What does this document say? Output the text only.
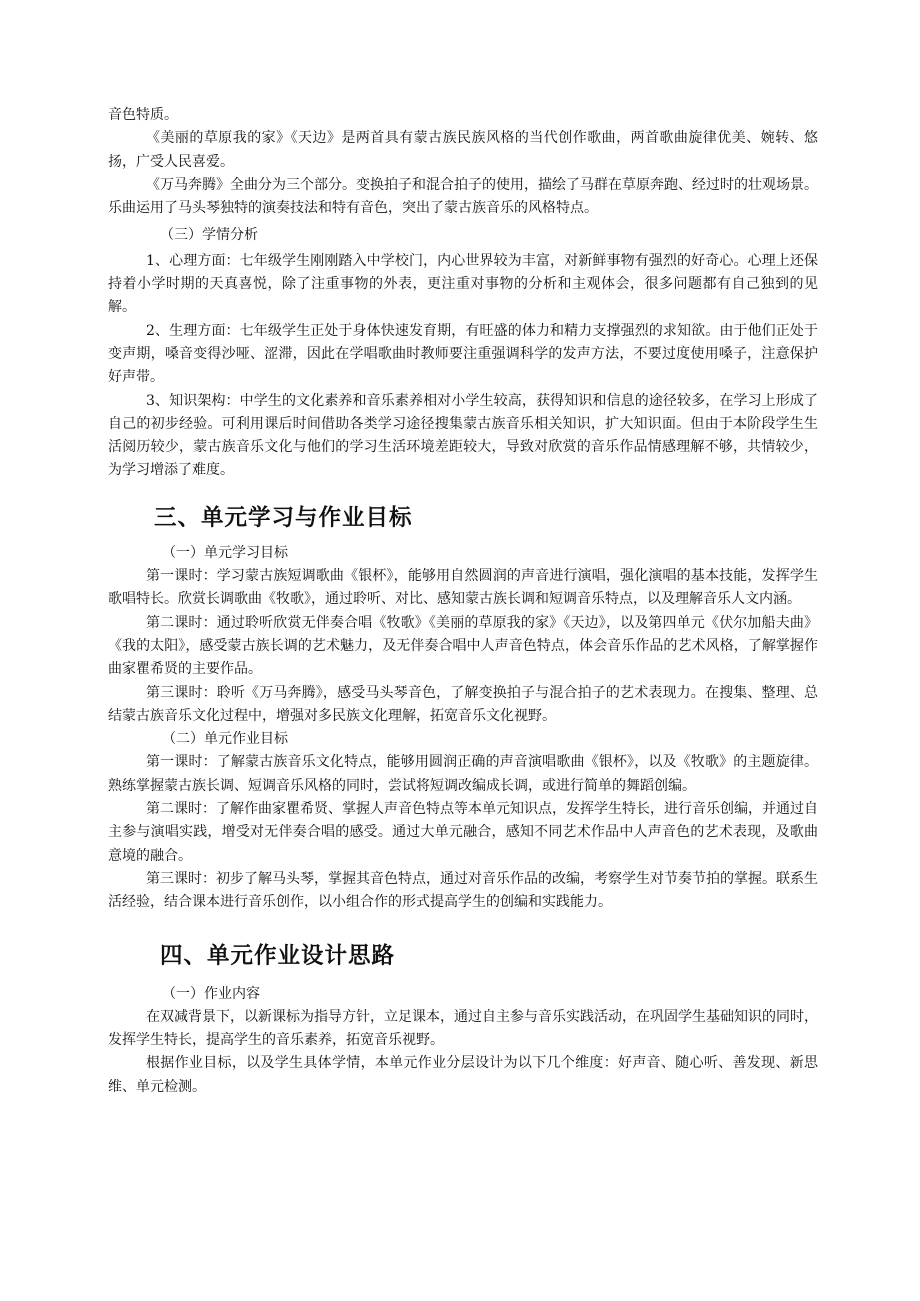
音色特质。

《美丽的草原我的家》《天边》是两首具有蒙古族民族风格的当代创作歌曲，两首歌曲旋律优美、婉转、悠扬，广受人民喜爱。

《万马奔腾》全曲分为三个部分。变换拍子和混合拍子的使用，描绘了马群在草原奔跑、经过时的壮观场景。乐曲运用了马头琴独特的演奏技法和特有音色，突出了蒙古族音乐的风格特点。

（三）学情分析

1、心理方面：七年级学生刚刚踏入中学校门，内心世界较为丰富，对新鲜事物有强烈的好奇心。心理上还保持着小学时期的天真喜悦，除了注重事物的外表，更注重对事物的分析和主观体会，很多问题都有自己独到的见解。

2、生理方面：七年级学生正处于身体快速发育期，有旺盛的体力和精力支撑强烈的求知欲。由于他们正处于变声期，嗓音变得沙哑、涩滞，因此在学唱歌曲时教师要注重强调科学的发声方法，不要过度使用嗓子，注意保护好声带。

3、知识架构：中学生的文化素养和音乐素养相对小学生较高，获得知识和信息的途径较多，在学习上形成了自己的初步经验。可利用课后时间借助各类学习途径搜集蒙古族音乐相关知识，扩大知识面。但由于本阶段学生生活阅历较少，蒙古族音乐文化与他们的学习生活环境差距较大，导致对欣赏的音乐作品情感理解不够，共情较少，为学习增添了难度。

三、单元学习与作业目标

（一）单元学习目标

第一课时：学习蒙古族短调歌曲《银杯》，能够用自然圆润的声音进行演唱，强化演唱的基本技能，发挥学生歌唱特长。欣赏长调歌曲《牧歌》，通过聆听、对比、感知蒙古族长调和短调音乐特点，以及理解音乐人文内涵。

第二课时：通过聆听欣赏无伴奏合唱《牧歌》《美丽的草原我的家》《天边》，以及第四单元《伏尔加船夫曲》《我的太阳》，感受蒙古族长调的艺术魅力，及无伴奏合唱中人声音色特点，体会音乐作品的艺术风格，了解掌握作曲家瞿希贤的主要作品。

第三课时：聆听《万马奔腾》，感受马头琴音色，了解变换拍子与混合拍子的艺术表现力。在搜集、整理、总结蒙古族音乐文化过程中，增强对多民族文化理解，拓宽音乐文化视野。

（二）单元作业目标

第一课时：了解蒙古族音乐文化特点，能够用圆润正确的声音演唱歌曲《银杯》，以及《牧歌》的主题旋律。熟练掌握蒙古族长调、短调音乐风格的同时，尝试将短调改编成长调，或进行简单的舞蹈创编。

第二课时：了解作曲家瞿希贤、掌握人声音色特点等本单元知识点，发挥学生特长，进行音乐创编，并通过自主参与演唱实践，增受对无伴奏合唱的感受。通过大单元融合，感知不同艺术作品中人声音色的艺术表现，及歌曲意境的融合。

第三课时：初步了解马头琴，掌握其音色特点，通过对音乐作品的改编，考察学生对节奏节拍的掌握。联系生活经验，结合课本进行音乐创作，以小组合作的形式提高学生的创编和实践能力。

四、单元作业设计思路

（一）作业内容

在双减背景下，以新课标为指导方针，立足课本，通过自主参与音乐实践活动，在巩固学生基础知识的同时，发挥学生特长，提高学生的音乐素养，拓宽音乐视野。

根据作业目标，以及学生具体学情，本单元作业分层设计为以下几个维度：好声音、随心听、善发现、新思维、单元检测。
